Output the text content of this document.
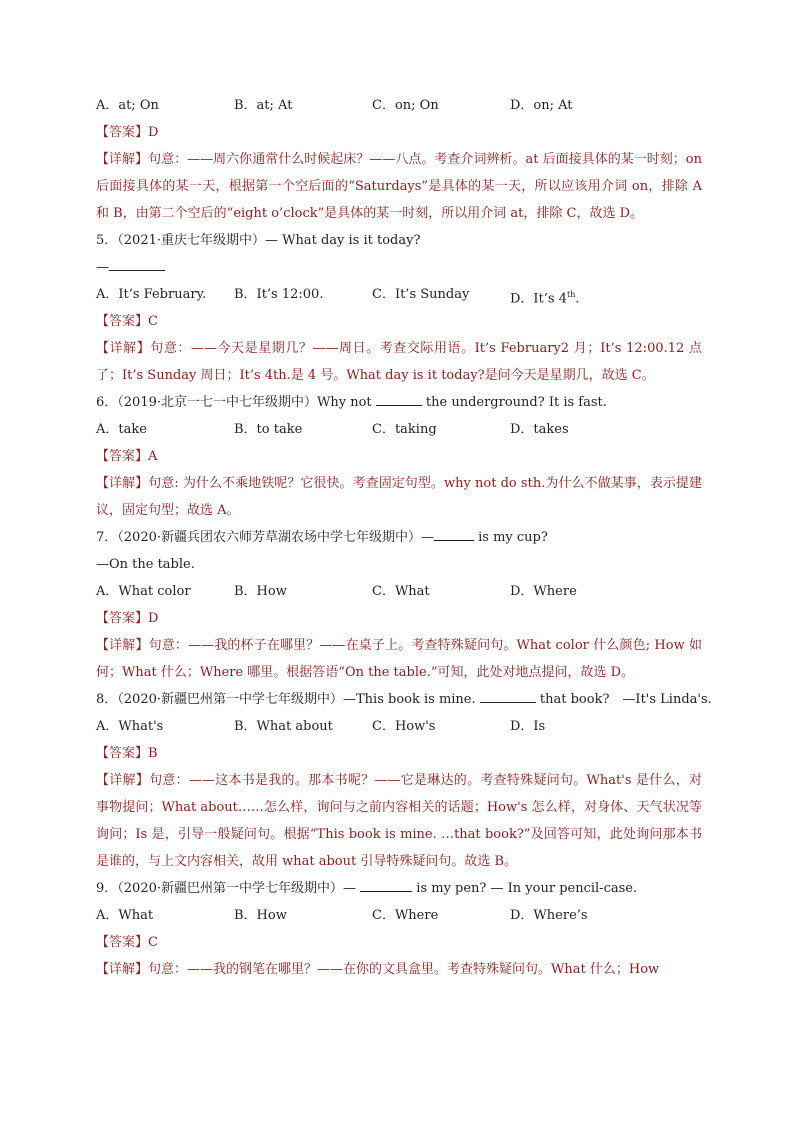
A．at; On	B．at; At	C．on; On	D．on; At
【答案】D
【详解】句意：——周六你通常什么时候起床？——八点。考查介词辨析。at 后面接具体的某一时刻；on 后面接具体的某一天，根据第一个空后面的“Saturdays”是具体的某一天，所以应该用介词 on，排除 A 和 B，由第二个空后的“eight o’clock”是具体的某一时刻，所以用介词 at，排除 C，故选 D。
5．（2021·重庆七年级期中）— What day is it today?
—
A．It’s February.	B．It’s 12:00.	C．It’s Sunday	D．It’s 4th.
【答案】C
【详解】句意：——今天是星期几？——周日。考查交际用语。It’s February2 月；It’s 12:00.12 点了；It’s Sunday 周日；It’s 4th.是 4 号。What day is it today?是问今天是星期几，故选 C。
6．（2019·北京一七一中七年级期中）Why not	the underground? It is fast.
A．take	B．to take	C．taking	D．takes
【答案】A
【详解】句意: 为什么不乘地铁呢？它很快。考查固定句型。why not do sth.为什么不做某事，表示提建议，固定句型；故选 A。
7．（2020·新疆兵团农六师芳草湖农场中学七年级期中）—	is my cup?
—On the table.
A．What color	B．How	C．What	D．Where
【答案】D
【详解】句意：——我的杯子在哪里？——在桌子上。考查特殊疑问句。What color 什么颜色; How 如何；What 什么；Where 哪里。根据答语“On the table.”可知，此处对地点提问，故选 D。
8．（2020·新疆巴州第一中学七年级期中）—This book is mine.	that book?　—It's Linda's.
A．What's	B．What about	C．How's	D．Is
【答案】B
【详解】句意：——这本书是我的。那本书呢？——它是琳达的。考查特殊疑问句。What's 是什么，对事物提问；What about……怎么样，询问与之前内容相关的话题；How's 怎么样，对身体、天气状况等询问；Is 是，引导一般疑问句。根据“This book is mine. …that book?”及回答可知，此处询问那本书是谁的，与上文内容相关，故用 what about 引导特殊疑问句。故选 B。
9．（2020·新疆巴州第一中学七年级期中）—	is my pen? — In your pencil-case.
A．What	B．How	C．Where	D．Where’s
【答案】C
【详解】句意：——我的钢笔在哪里？——在你的文具盒里。考查特殊疑问句。What 什么；How
